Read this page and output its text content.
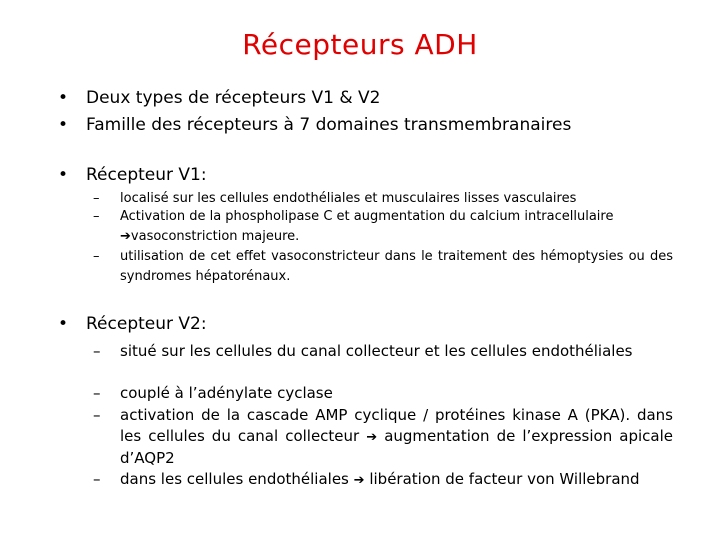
Récepteurs ADH
•	Deux types de récepteurs V1 & V2
•	Famille des récepteurs à 7 domaines transmembranaires
•	Récepteur V1:
–	localisé sur les cellules endothéliales et musculaires lisses vasculaires
–	Activation de la phospholipase C et augmentation du calcium intracellulaire
➔vasoconstriction majeure.
–	utilisation de cet effet vasoconstricteur dans le traitement des hémoptysies ou des syndromes hépatorénaux.
•	Récepteur V2:
–	situé sur les cellules du canal collecteur et les cellules endothéliales
–	couplé à l’adénylate cyclase
–	activation de la cascade AMP cyclique / protéines kinase A (PKA). dans les cellules du canal collecteur ➔ augmentation de l’expression apicale d’AQP2
–	dans les cellules endothéliales ➔ libération de facteur von Willebrand
